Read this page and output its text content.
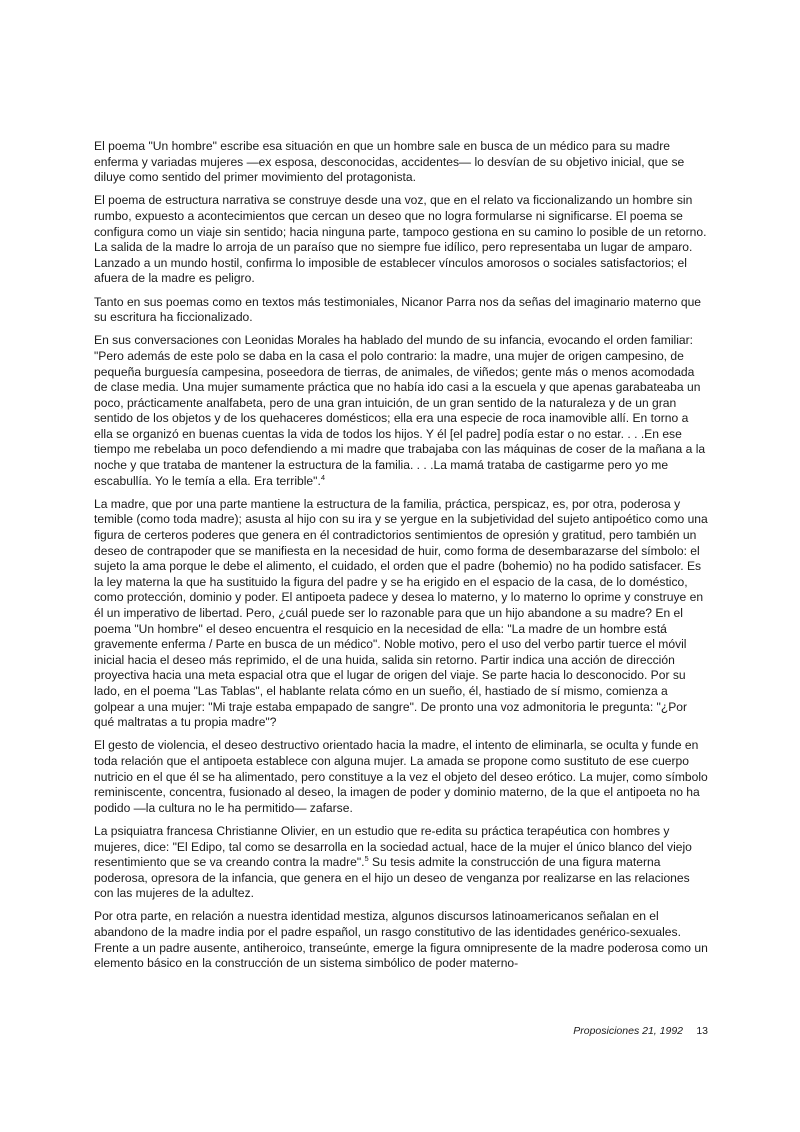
El poema "Un hombre" escribe esa situación en que un hombre sale en busca de un médico para su madre enferma y variadas mujeres —ex esposa, desconocidas, accidentes— lo desvían de su objetivo inicial, que se diluye como sentido del primer movimiento del protagonista.

El poema de estructura narrativa se construye desde una voz, que en el relato va ficcionalizando un hombre sin rumbo, expuesto a acontecimientos que cercan un deseo que no logra formularse ni significarse. El poema se configura como un viaje sin sentido; hacia ninguna parte, tampoco gestiona en su camino lo posible de un retorno. La salida de la madre lo arroja de un paraíso que no siempre fue idílico, pero representaba un lugar de amparo. Lanzado a un mundo hostil, confirma lo imposible de establecer vínculos amorosos o sociales satisfactorios; el afuera de la madre es peligro.

Tanto en sus poemas como en textos más testimoniales, Nicanor Parra nos da señas del imaginario materno que su escritura ha ficcionalizado.

En sus conversaciones con Leonidas Morales ha hablado del mundo de su infancia, evocando el orden familiar: "Pero además de este polo se daba en la casa el polo contrario: la madre, una mujer de origen campesino, de pequeña burguesía campesina, poseedora de tierras, de animales, de viñedos; gente más o menos acomodada de clase media. Una mujer sumamente práctica que no había ido casi a la escuela y que apenas garabateaba un poco, prácticamente analfabeta, pero de una gran intuición, de un gran sentido de la naturaleza y de un gran sentido de los objetos y de los quehaceres domésticos; ella era una especie de roca inamovible allí. En torno a ella se organizó en buenas cuentas la vida de todos los hijos. Y él [el padre] podía estar o no estar. . . .En ese tiempo me rebelaba un poco defendiendo a mi madre que trabajaba con las máquinas de coser de la mañana a la noche y que trataba de mantener la estructura de la familia. . . .La mamá trataba de castigarme pero yo me escabullía. Yo le temía a ella. Era terrible".$^4$

La madre, que por una parte mantiene la estructura de la familia, práctica, perspicaz, es, por otra, poderosa y temible (como toda madre); asusta al hijo con su ira y se yergue en la subjetividad del sujeto antipoético como una figura de certeros poderes que genera en él contradictorios sentimientos de opresión y gratitud, pero también un deseo de contrapoder que se manifiesta en la necesidad de huir, como forma de desembarazarse del símbolo: el sujeto la ama porque le debe el alimento, el cuidado, el orden que el padre (bohemio) no ha podido satisfacer. Es la ley materna la que ha sustituido la figura del padre y se ha erigido en el espacio de la casa, de lo doméstico, como protección, dominio y poder. El antipoeta padece y desea lo materno, y lo materno lo oprime y construye en él un imperativo de libertad. Pero, ¿cuál puede ser lo razonable para que un hijo abandone a su madre? En el poema "Un hombre" el deseo encuentra el resquicio en la necesidad de ella: "La madre de un hombre está gravemente enferma / Parte en busca de un médico". Noble motivo, pero el uso del verbo partir tuerce el móvil inicial hacia el deseo más reprimido, el de una huida, salida sin retorno. Partir indica una acción de dirección proyectiva hacia una meta espacial otra que el lugar de origen del viaje. Se parte hacia lo desconocido. Por su lado, en el poema "Las Tablas", el hablante relata cómo en un sueño, él, hastiado de sí mismo, comienza a golpear a una mujer: "Mi traje estaba empapado de sangre". De pronto una voz admonitoria le pregunta: "¿Por qué maltratas a tu propia madre"?

El gesto de violencia, el deseo destructivo orientado hacia la madre, el intento de eliminarla, se oculta y funde en toda relación que el antipoeta establece con alguna mujer. La amada se propone como sustituto de ese cuerpo nutricio en el que él se ha alimentado, pero constituye a la vez el objeto del deseo erótico. La mujer, como símbolo reminiscente, concentra, fusionado al deseo, la imagen de poder y dominio materno, de la que el antipoeta no ha podido —la cultura no le ha permitido— zafarse.

La psiquiatra francesa Christianne Olivier, en un estudio que re-edita su práctica terapéutica con hombres y mujeres, dice: "El Edipo, tal como se desarrolla en la sociedad actual, hace de la mujer el único blanco del viejo resentimiento que se va creando contra la madre".$^5$ Su tesis admite la construcción de una figura materna poderosa, opresora de la infancia, que genera en el hijo un deseo de venganza por realizarse en las relaciones con las mujeres de la adultez.

Por otra parte, en relación a nuestra identidad mestiza, algunos discursos latinoamericanos señalan en el abandono de la madre india por el padre español, un rasgo constitutivo de las identidades genérico-sexuales. Frente a un padre ausente, antiheroico, transeúnte, emerge la figura omnipresente de la madre poderosa como un elemento básico en la construcción de un sistema simbólico de poder materno-

Proposiciones 21, 1992 13
